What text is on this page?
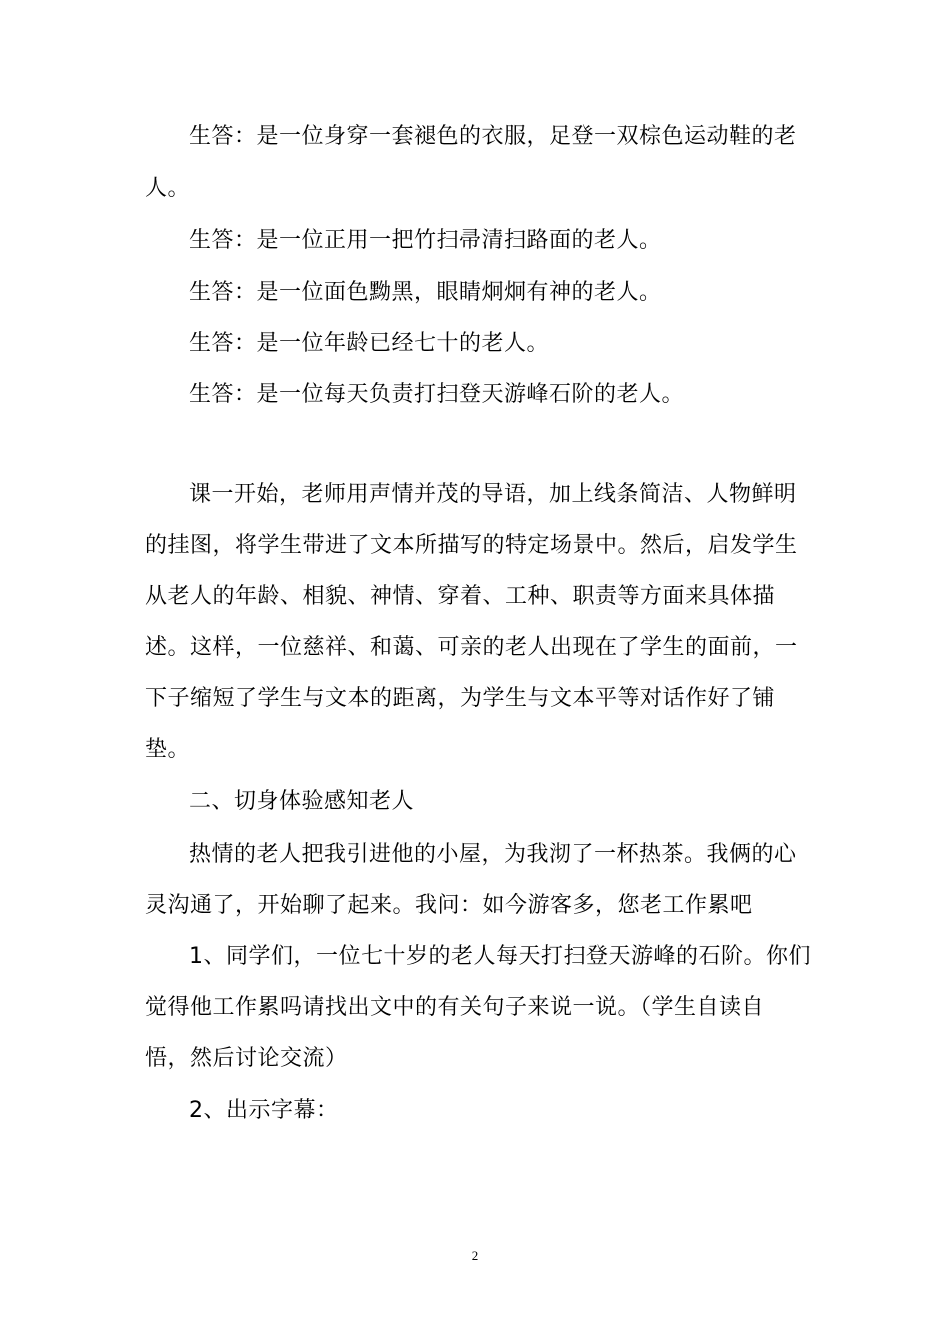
生答：是一位身穿一套褪色的衣服，足登一双棕色运动鞋的老
人。
生答：是一位正用一把竹扫帚清扫路面的老人。
生答：是一位面色黝黑，眼睛炯炯有神的老人。
生答：是一位年龄已经七十的老人。
生答：是一位每天负责打扫登天游峰石阶的老人。
课一开始，老师用声情并茂的导语，加上线条简洁、人物鲜明
的挂图，将学生带进了文本所描写的特定场景中。然后，启发学生
从老人的年龄、相貌、神情、穿着、工种、职责等方面来具体描
述。这样，一位慈祥、和蔼、可亲的老人出现在了学生的面前，一
下子缩短了学生与文本的距离，为学生与文本平等对话作好了铺
垫。
二、切身体验感知老人
热情的老人把我引进他的小屋，为我沏了一杯热茶。我俩的心
灵沟通了，开始聊了起来。我问：如今游客多，您老工作累吧
1、同学们，一位七十岁的老人每天打扫登天游峰的石阶。你们
觉得他工作累吗请找出文中的有关句子来说一说。（学生自读自
悟，然后讨论交流）
2、出示字幕：
2
